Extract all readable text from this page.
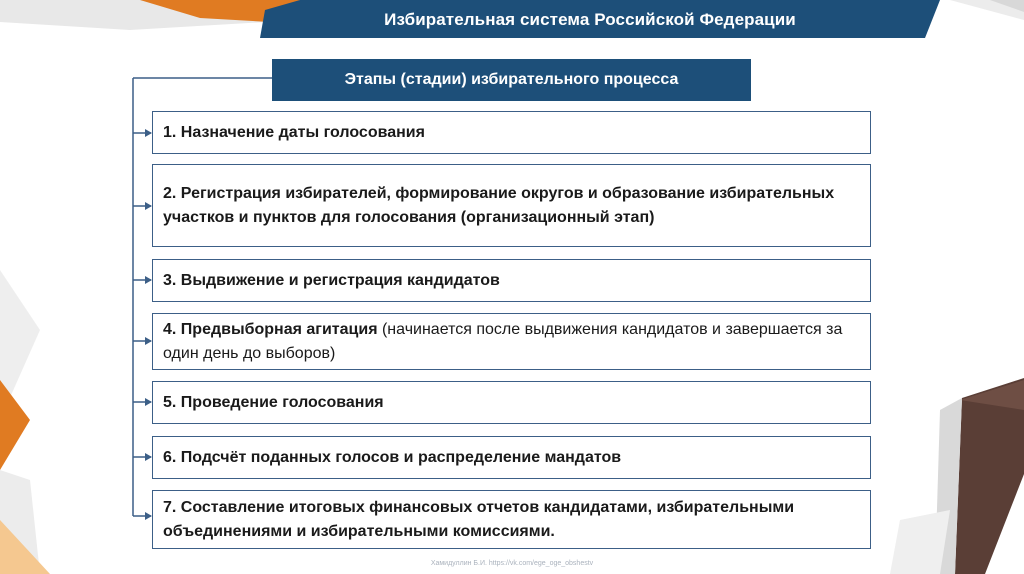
Избирательная система Российской Федерации
Этапы (стадии) избирательного процесса
1. Назначение даты голосования
2. Регистрация избирателей, формирование округов и образование избирательных участков и пунктов для голосования (организационный этап)
3. Выдвижение и регистрация кандидатов
4. Предвыборная агитация (начинается после выдвижения кандидатов и завершается за один день до выборов)
5. Проведение голосования
6. Подсчёт поданных голосов и распределение мандатов
7. Составление итоговых финансовых отчетов кандидатами, избирательными объединениями и избирательными комиссиями.
Хамидуллин Б.И. https://vk.com/ege_oge_obshestv
